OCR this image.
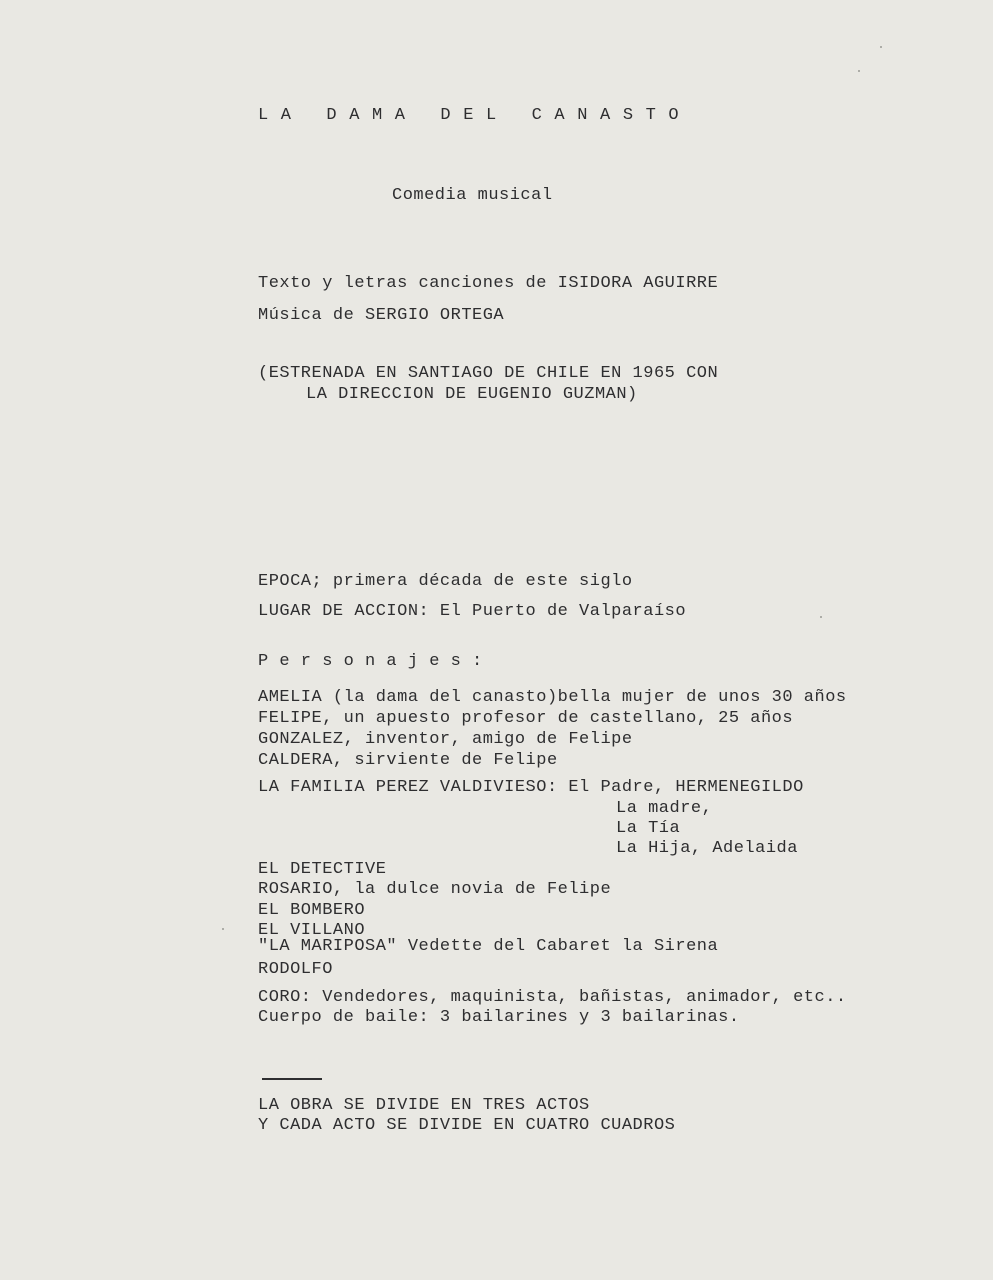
LA DAMA DEL CANASTO
Comedia musical
Texto y letras canciones de ISIDORA AGUIRRE
Música de SERGIO ORTEGA
(ESTRENADA EN SANTIAGO DE CHILE EN 1965 CON
LA DIRECCION DE EUGENIO GUZMAN)
EPOCA; primera década de este siglo
LUGAR DE ACCION: El Puerto de Valparaíso
Personajes:
AMELIA (la dama del canasto)bella mujer de unos 30 años
FELIPE, un apuesto profesor de castellano, 25 años
GONZALEZ, inventor, amigo de Felipe
CALDERA, sirviente de Felipe
LA FAMILIA PEREZ VALDIVIESO: El Padre, HERMENEGILDO
La madre,
La Tía
La Hija, Adelaida
EL DETECTIVE
ROSARIO, la dulce novia de Felipe
EL BOMBERO
EL VILLANO
"LA MARIPOSA" Vedette del Cabaret la Sirena
RODOLFO
CORO: Vendedores, maquinista, bañistas, animador, etc..
Cuerpo de baile: 3 bailarines y 3 bailarinas.
LA OBRA SE DIVIDE EN TRES ACTOS
Y CADA ACTO SE DIVIDE EN CUATRO CUADROS
